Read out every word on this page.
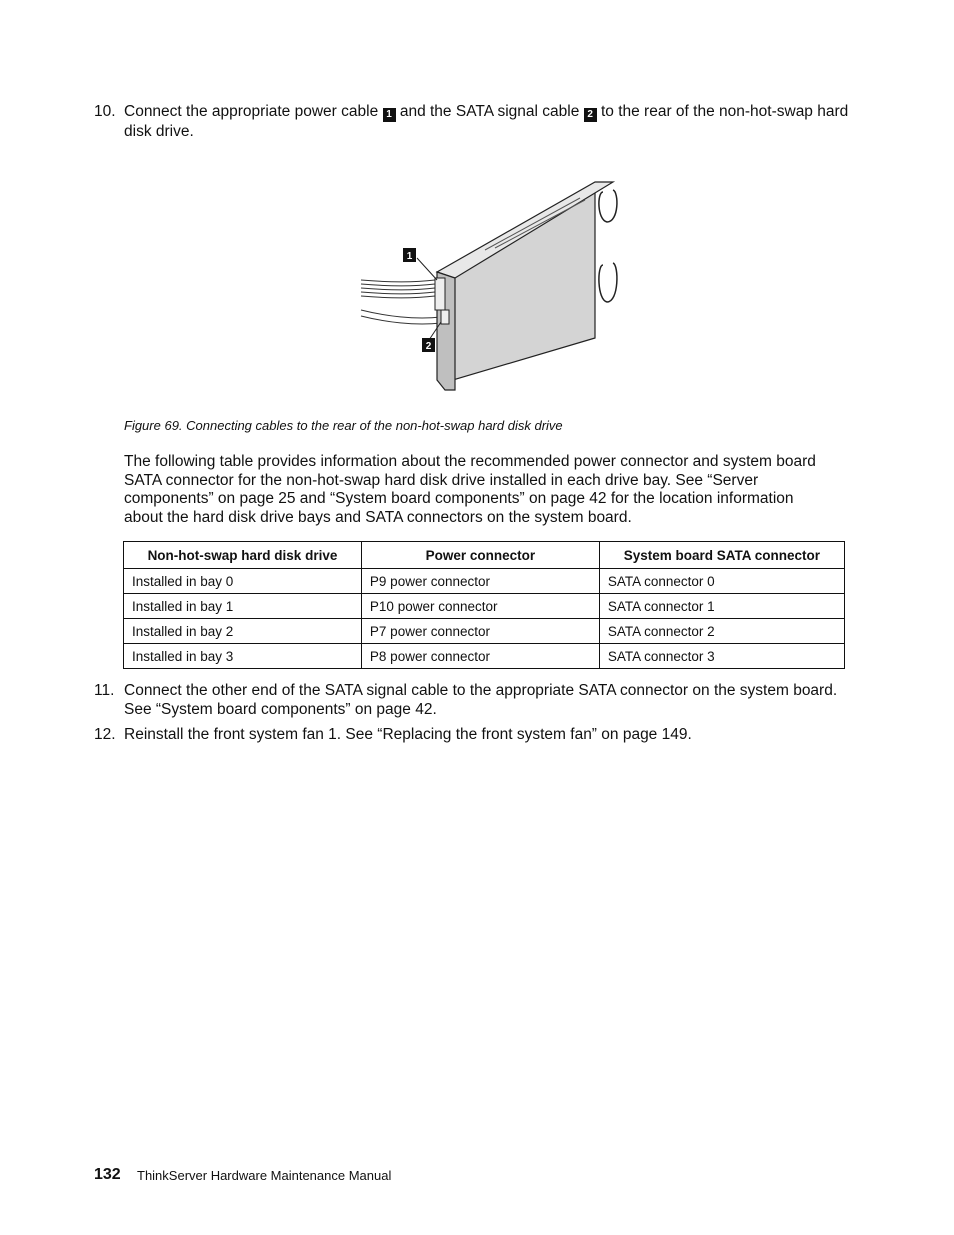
10. Connect the appropriate power cable 1 and the SATA signal cable 2 to the rear of the non-hot-swap hard disk drive.
1
2
Figure 69. Connecting cables to the rear of the non-hot-swap hard disk drive
The following table provides information about the recommended power connector and system board SATA connector for the non-hot-swap hard disk drive installed in each drive bay. See “Server components” on page 25 and “System board components” on page 42 for the location information about the hard disk drive bays and SATA connectors on the system board.
Non-hot-swap hard disk drive	Power connector	System board SATA connector
Installed in bay 0	P9 power connector	SATA connector 0
Installed in bay 1	P10 power connector	SATA connector 1
Installed in bay 2	P7 power connector	SATA connector 2
Installed in bay 3	P8 power connector	SATA connector 3
11. Connect the other end of the SATA signal cable to the appropriate SATA connector on the system board. See “System board components” on page 42.
12. Reinstall the front system fan 1. See “Replacing the front system fan” on page 149.
132 ThinkServer Hardware Maintenance Manual
